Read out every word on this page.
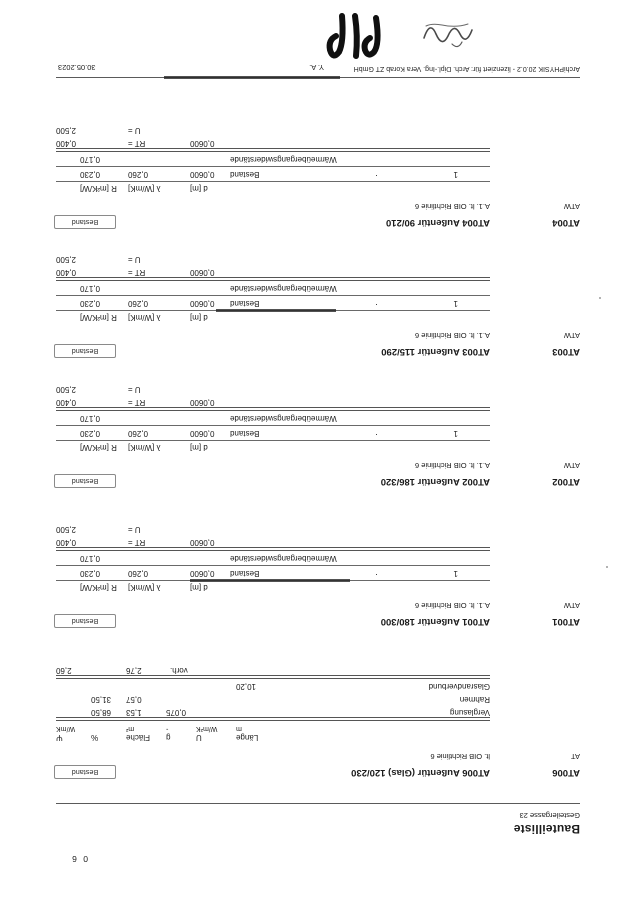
0 6
Bauteilliste
Gesteilergasse 23
AT006
AT006 Außentür (Glas) 120/230
Bestand
AT
lt. OIB Richtlinie 6
Länge
U
g
Fläche
%
Ψ
m
W/m²K
-
m²
W/mK
Verglasung
0,075
1,53
68,50
Rahmen
0,57
31,50
Glasrandverbund
10,20
vorh.
2,76
2,60
AT001
AT001 Außentür 180/300
Bestand
ATW
A.1. lt. OIB Richtlinie 6
d [m]
λ [W/mK]
R [m²K/W]
1
·
Bestand
0,0600
0,260
0,230
Wärmeübergangswiderstände
0,170
0,0600
RT =
0,400
U =
2,500
AT002
AT002 Außentür 186/320
Bestand
ATW
A.1. lt. OIB Richtlinie 6
d [m]
λ [W/mK]
R [m²K/W]
1
·
Bestand
0,0600
0,260
0,230
Wärmeübergangswiderstände
0,170
0,0600
RT =
0,400
U =
2,500
AT003
AT003 Außentür 115/290
Bestand
ATW
A.1. lt. OIB Richtlinie 6
d [m]
λ [W/mK]
R [m²K/W]
1
·
Bestand
0,0600
0,260
0,230
Wärmeübergangswiderstände
0,170
0,0600
RT =
0,400
U =
2,500
AT004
AT004 Außentür 90/210
Bestand
ATW
A.1. lt. OIB Richtlinie 6
d [m]
λ [W/mK]
R [m²K/W]
1
·
Bestand
0,0600
0,260
0,230
Wärmeübergangswiderstände
0,170
0,0600
RT =
0,400
U =
2,500
ArchiPHYSIK 20.0.2 - lizenziert für: Arch. Dipl.-Ing. Vera Korab ZT GmbH
Y. A.
30.05.2023
